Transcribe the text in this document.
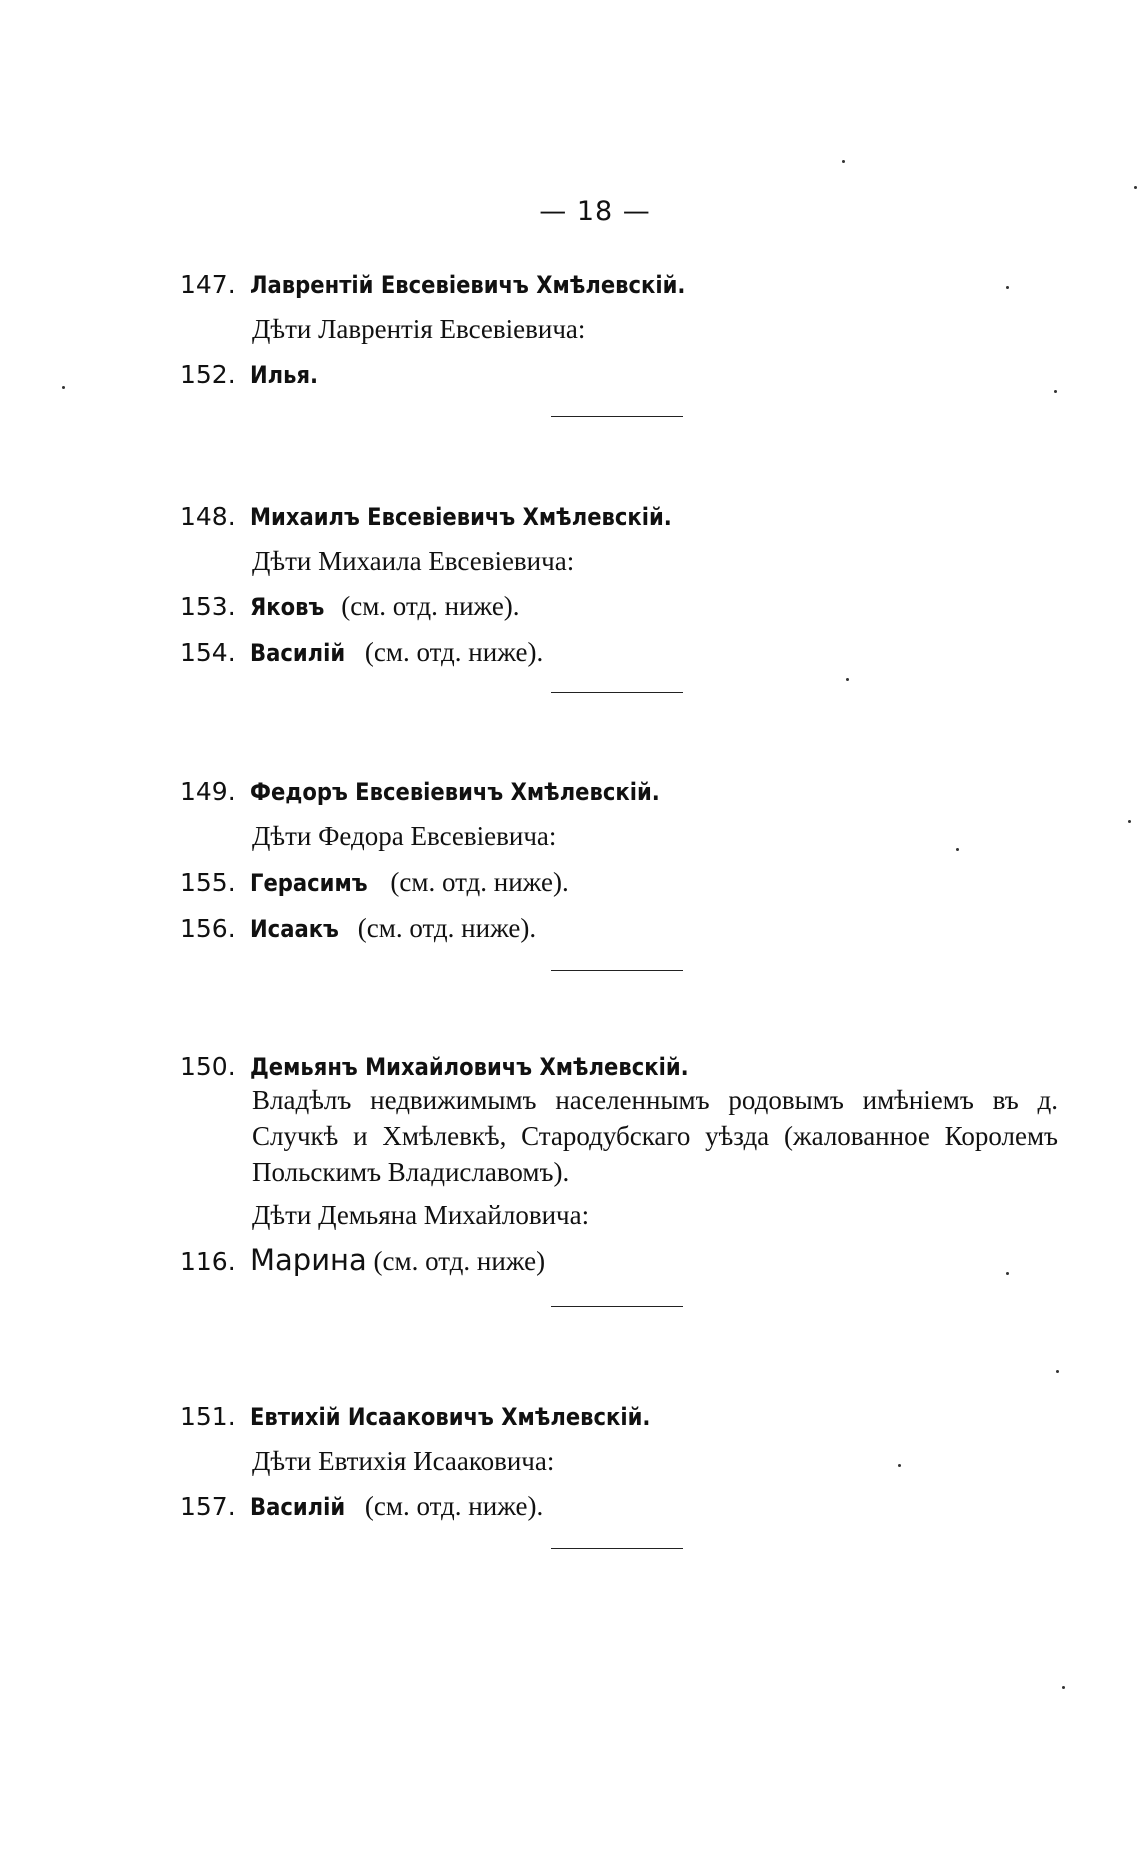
— 18 —
147. Лаврентій Евсевіевичъ Хмѣлевскій.
Дѣти Лаврентія Евсевіевича:
152. Илья.
148. Михаилъ Евсевіевичъ Хмѣлевскій.
Дѣти Михаила Евсевіевича:
153. Яковъ (см. отд. ниже).
154. Василій (см. отд. ниже).
149. Федоръ Евсевіевичъ Хмѣлевскій.
Дѣти Федора Евсевіевича:
155. Герасимъ (см. отд. ниже).
156. Исаакъ (см. отд. ниже).
150. Демьянъ Михайловичъ Хмѣлевскій.
Владѣлъ недвижимымъ населеннымъ родовымъ имѣніемъ въ д. Случкѣ и Хмѣлевкѣ, Стародубскаго уѣзда (жалованное Королемъ Польскимъ Владиславомъ).
Дѣти Демьяна Михайловича:
116. Марина (см. отд. ниже)
151. Евтихій Исааковичъ Хмѣлевскій.
Дѣти Евтихія Исааковича:
157. Василій (см. отд. ниже).
